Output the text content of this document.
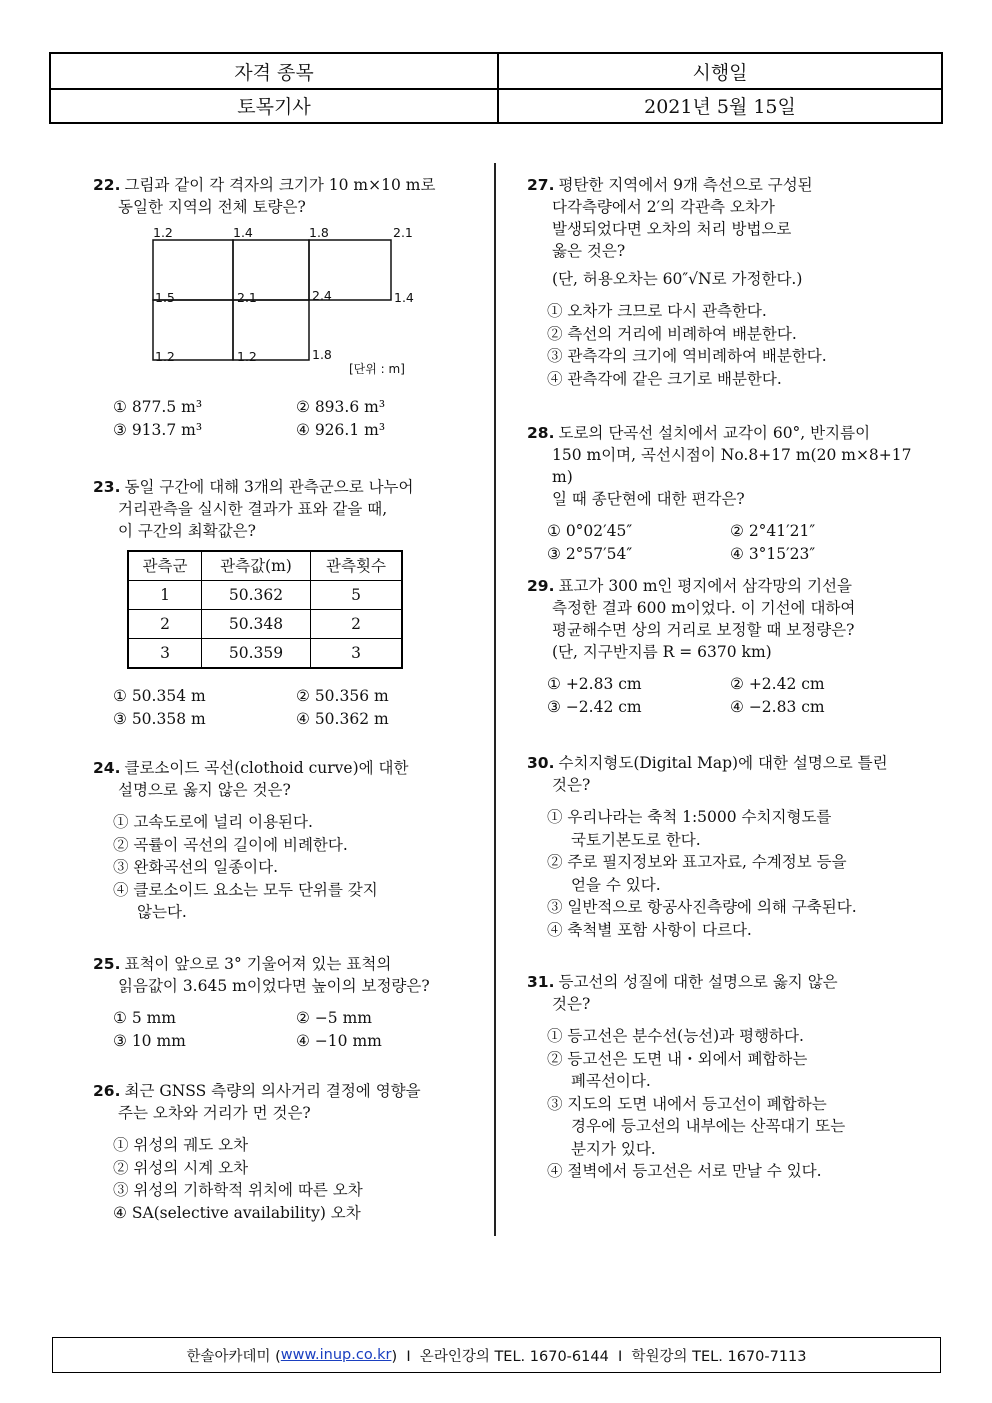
자격 종목	시행일
토목기사	2021년 5월 15일
22. 그림과 같이 각 격자의 크기가 10 m×10 m로
동일한 지역의 전체 토량은?
1.2	1.4	1.8	2.1
1.5	2.1	2.4	1.4
1.2	1.2	1.8
[단위 : m]
① 877.5 m³	② 893.6 m³
③ 913.7 m³	④ 926.1 m³
23. 동일 구간에 대해 3개의 관측군으로 나누어
거리관측을 실시한 결과가 표와 같을 때,
이 구간의 최확값은?
관측군	관측값(m)	관측횟수
1	50.362	5
2	50.348	2
3	50.359	3
① 50.354 m	② 50.356 m
③ 50.358 m	④ 50.362 m
24. 클로소이드 곡선(clothoid curve)에 대한
설명으로 옳지 않은 것은?
① 고속도로에 널리 이용된다.
② 곡률이 곡선의 길이에 비례한다.
③ 완화곡선의 일종이다.
④ 클로소이드 요소는 모두 단위를 갖지
않는다.
25. 표척이 앞으로 3° 기울어져 있는 표척의
읽음값이 3.645 m이었다면 높이의 보정량은?
① 5 mm	② −5 mm
③ 10 mm	④ −10 mm
26. 최근 GNSS 측량의 의사거리 결정에 영향을
주는 오차와 거리가 먼 것은?
① 위성의 궤도 오차
② 위성의 시계 오차
③ 위성의 기하학적 위치에 따른 오차
④ SA(selective availability) 오차
27. 평탄한 지역에서 9개 측선으로 구성된
다각측량에서 2′의 각관측 오차가
발생되었다면 오차의 처리 방법으로
옳은 것은?
(단, 허용오차는 60″√N로 가정한다.)
① 오차가 크므로 다시 관측한다.
② 측선의 거리에 비례하여 배분한다.
③ 관측각의 크기에 역비례하여 배분한다.
④ 관측각에 같은 크기로 배분한다.
28. 도로의 단곡선 설치에서 교각이 60°, 반지름이
150 m이며, 곡선시점이 No.8+17 m(20 m×8+17 m)
일 때 종단현에 대한 편각은?
① 0°02′45″	② 2°41′21″
③ 2°57′54″	④ 3°15′23″
29. 표고가 300 m인 평지에서 삼각망의 기선을
측정한 결과 600 m이었다. 이 기선에 대하여
평균해수면 상의 거리로 보정할 때 보정량은?
(단, 지구반지름 R = 6370 km)
① +2.83 cm	② +2.42 cm
③ −2.42 cm	④ −2.83 cm
30. 수치지형도(Digital Map)에 대한 설명으로 틀린
것은?
① 우리나라는 축척 1:5000 수치지형도를
국토기본도로 한다.
② 주로 필지정보와 표고자료, 수계정보 등을
얻을 수 있다.
③ 일반적으로 항공사진측량에 의해 구축된다.
④ 축척별 포함 사항이 다르다.
31. 등고선의 성질에 대한 설명으로 옳지 않은
것은?
① 등고선은 분수선(능선)과 평행하다.
② 등고선은 도면 내・외에서 폐합하는
폐곡선이다.
③ 지도의 도면 내에서 등고선이 폐합하는
경우에 등고선의 내부에는 산꼭대기 또는
분지가 있다.
④ 절벽에서 등고선은 서로 만날 수 있다.
한솔아카데미 ( www.inup.co.kr )  I  온라인강의 TEL. 1670-6144  I  학원강의 TEL. 1670-7113
